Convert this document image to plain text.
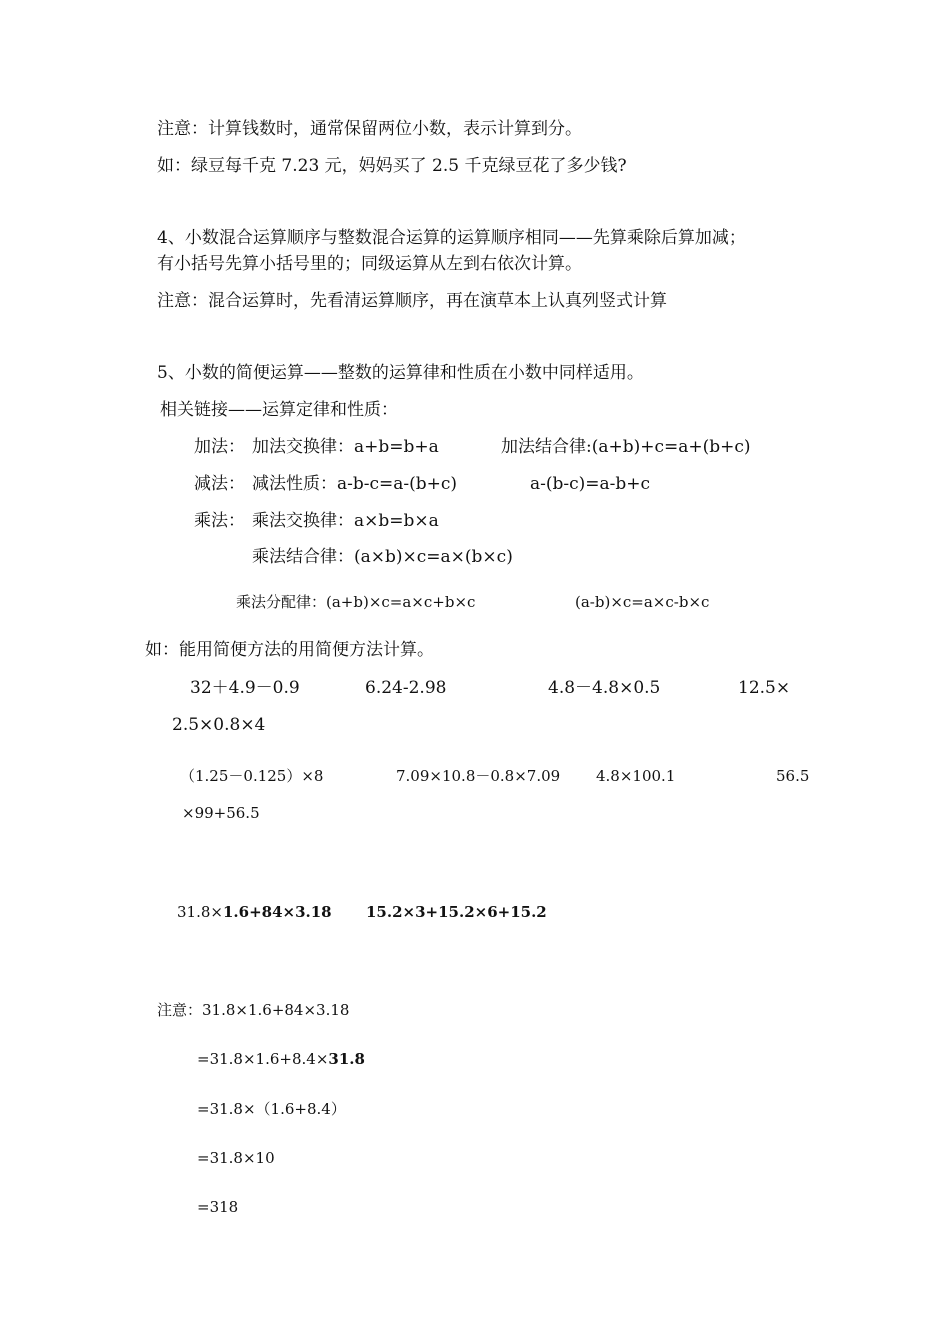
注意：计算钱数时，通常保留两位小数，表示计算到分。
如：绿豆每千克 7.23 元，妈妈买了 2.5 千克绿豆花了多少钱?
4、小数混合运算顺序与整数混合运算的运算顺序相同——先算乘除后算加减；
有小括号先算小括号里的；同级运算从左到右依次计算。
注意：混合运算时，先看清运算顺序，再在演草本上认真列竖式计算
5、小数的简便运算——整数的运算律和性质在小数中同样适用。
相关链接——运算定律和性质：
加法： 加法交换律：a+b=b+a	加法结合律:(a+b)+c=a+(b+c)
减法： 减法性质：a-b-c=a-(b+c)	a-(b-c)=a-b+c
乘法： 乘法交换律：a×b=b×a
乘法结合律：(a×b)×c=a×(b×c)
乘法分配律：(a+b)×c=a×c+b×c	(a-b)×c=a×c-b×c
如：能用简便方法的用简便方法计算。
32＋4.9－0.9	6.24-2.98	4.8－4.8×0.5	12.5×
2.5×0.8×4
（1.25－0.125）×8	7.09×10.8－0.8×7.09 4.8×100.1	56.5
×99+56.5
31.8×1.6+84×3.18 15.2×3+15.2×6+15.2
注意：31.8×1.6+84×3.18
=31.8×1.6+8.4×31.8
=31.8×（1.6+8.4）
=31.8×10
=318
